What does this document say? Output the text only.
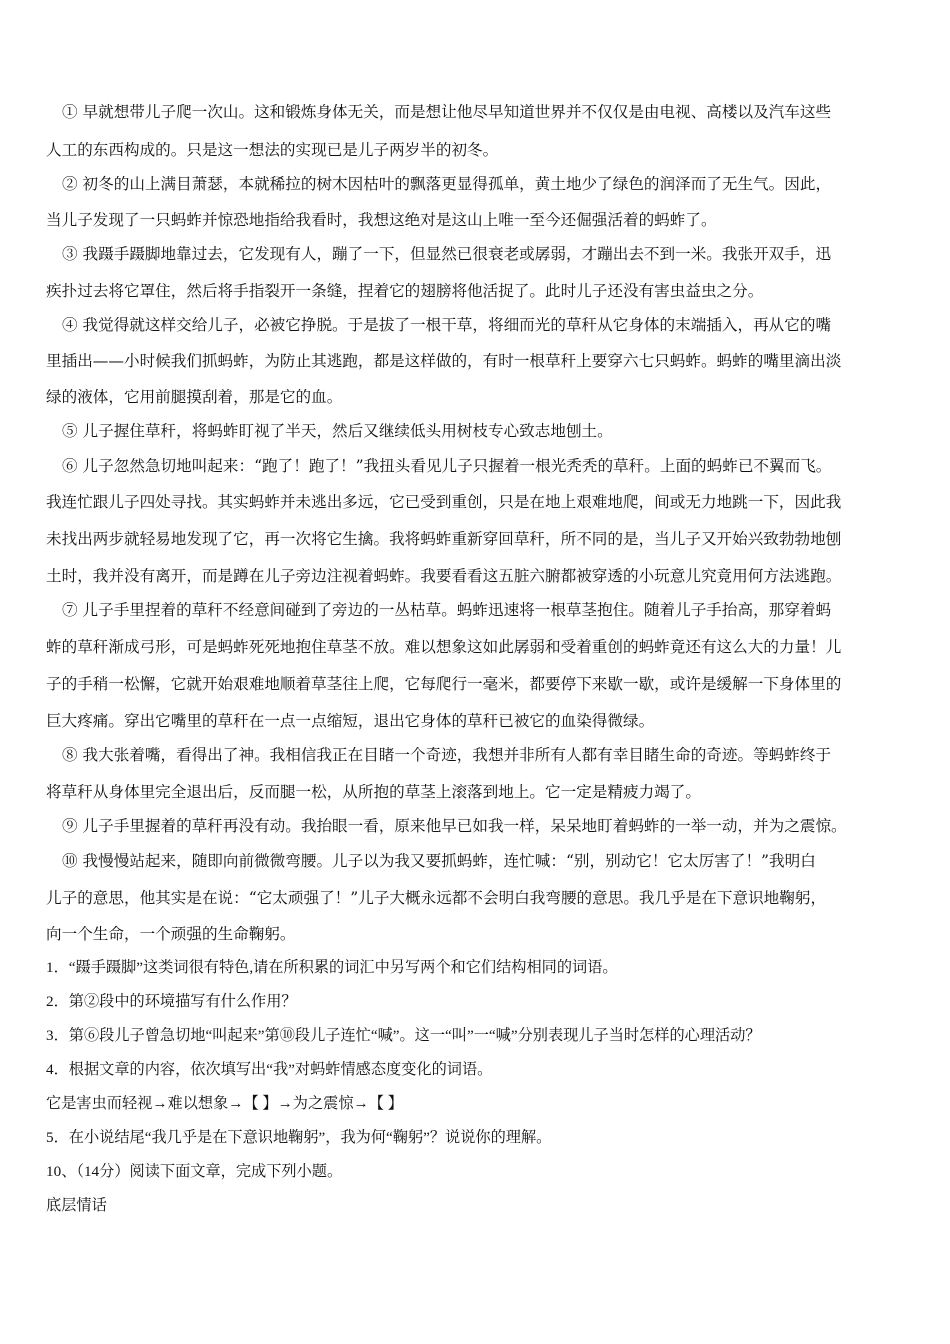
① 早就想带儿子爬一次山。这和锻炼身体无关，而是想让他尽早知道世界并不仅仅是由电视、高楼以及汽车这些
人工的东西构成的。只是这一想法的实现已是儿子两岁半的初冬。
② 初冬的山上满目萧瑟，本就稀拉的树木因枯叶的飘落更显得孤单，黄土地少了绿色的润泽而了无生气。因此，
当儿子发现了一只蚂蚱并惊恐地指给我看时，我想这绝对是这山上唯一至今还倔强活着的蚂蚱了。
③ 我蹑手蹑脚地靠过去，它发现有人，蹦了一下，但显然已很衰老或孱弱，才蹦出去不到一米。我张开双手，迅
疾扑过去将它罩住，然后将手指裂开一条缝，捏着它的翅膀将他活捉了。此时儿子还没有害虫益虫之分。
④ 我觉得就这样交给儿子，必被它挣脱。于是拔了一根干草，将细而光的草秆从它身体的末端插入，再从它的嘴
里插出——小时候我们抓蚂蚱，为防止其逃跑，都是这样做的，有时一根草秆上要穿六七只蚂蚱。蚂蚱的嘴里滴出淡
绿的液体，它用前腿摸刮着，那是它的血。
⑤ 儿子握住草秆，将蚂蚱盯视了半天，然后又继续低头用树枝专心致志地刨土。
⑥ 儿子忽然急切地叫起来：“跑了！跑了！”我扭头看见儿子只握着一根光秃秃的草秆。上面的蚂蚱已不翼而飞。
我连忙跟儿子四处寻找。其实蚂蚱并未逃出多远，它已受到重创，只是在地上艰难地爬，间或无力地跳一下，因此我
未找出两步就轻易地发现了它，再一次将它生擒。我将蚂蚱重新穿回草秆，所不同的是，当儿子又开始兴致勃勃地刨
土时，我并没有离开，而是蹲在儿子旁边注视着蚂蚱。我要看看这五脏六腑都被穿透的小玩意儿究竟用何方法逃跑。
⑦ 儿子手里捏着的草秆不经意间碰到了旁边的一丛枯草。蚂蚱迅速将一根草茎抱住。随着儿子手抬高，那穿着蚂
蚱的草秆渐成弓形，可是蚂蚱死死地抱住草茎不放。难以想象这如此孱弱和受着重创的蚂蚱竟还有这么大的力量！儿
子的手稍一松懈，它就开始艰难地顺着草茎往上爬，它每爬行一毫米，都要停下来歇一歇，或许是缓解一下身体里的
巨大疼痛。穿出它嘴里的草秆在一点一点缩短，退出它身体的草秆已被它的血染得微绿。
⑧ 我大张着嘴，看得出了神。我相信我正在目睹一个奇迹，我想并非所有人都有幸目睹生命的奇迹。等蚂蚱终于
将草秆从身体里完全退出后，反而腿一松，从所抱的草茎上滚落到地上。它一定是精疲力竭了。
⑨ 儿子手里握着的草秆再没有动。我抬眼一看，原来他早已如我一样，呆呆地盯着蚂蚱的一举一动，并为之震惊。
⑩ 我慢慢站起来，随即向前微微弯腰。儿子以为我又要抓蚂蚱，连忙喊：“别，别动它！它太厉害了！”我明白
儿子的意思，他其实是在说：“它太顽强了！”儿子大概永远都不会明白我弯腰的意思。我几乎是在下意识地鞠躬，
向一个生命，一个顽强的生命鞠躬。
1．“蹑手蹑脚”这类词很有特色,请在所积累的词汇中另写两个和它们结构相同的词语。
2．第②段中的环境描写有什么作用？
3．第⑥段儿子曾急切地“叫起来”第⑩段儿子连忙“喊”。这一“叫”一“喊”分别表现儿子当时怎样的心理活动？
4．根据文章的内容，依次填写出“我”对蚂蚱情感态度变化的词语。
它是害虫而轻视→难以想象→【 】→为之震惊→【 】
5．在小说结尾“我几乎是在下意识地鞠躬”，我为何“鞠躬”？说说你的理解。
10、（14分）阅读下面文章，完成下列小题。
底层情话
